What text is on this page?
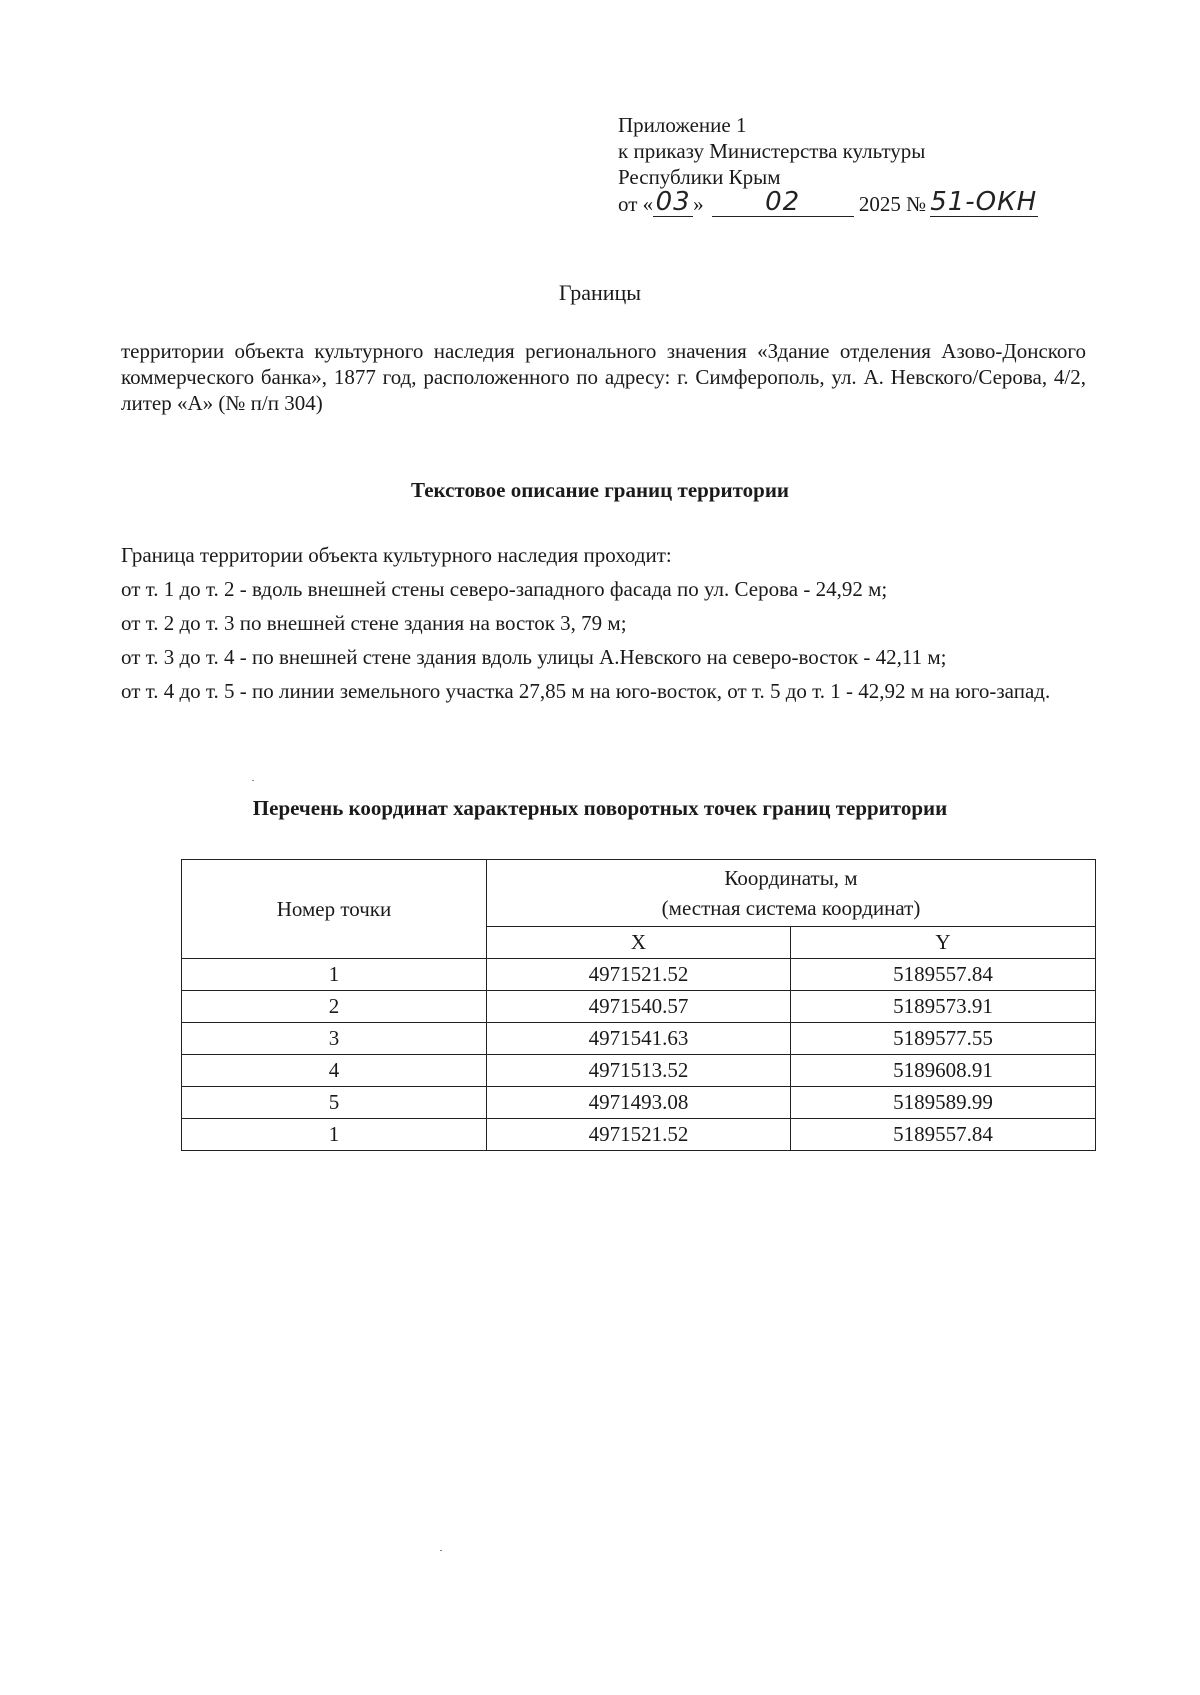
Приложение 1
к приказу Министерства культуры
Республики Крым
от «03 » 02	2025 № 51-ОКН
Границы
территории объекта культурного наследия регионального значения «Здание отделения Азово-Донского коммерческого банка», 1877 год, расположенного по адресу: г. Симферополь, ул. А. Невского/Серова, 4/2, литер «А» (№ п/п 304)
Текстовое описание границ территории
Граница территории объекта культурного наследия проходит:
от т. 1 до т. 2 - вдоль внешней стены северо-западного фасада по ул. Серова - 24,92 м;
от т. 2 до т. 3 по внешней стене здания на восток 3, 79 м;
от т. 3 до т. 4 - по внешней стене здания вдоль улицы А.Невского на северо-восток - 42,11 м;
от т. 4 до т. 5 - по линии земельного участка 27,85 м на юго-восток, от т. 5 до т. 1 - 42,92 м на юго-запад.
Перечень координат характерных поворотных точек границ территории
Номер точки	Координаты, м
(местная система координат)	

	X	Y
1	4971521.52	5189557.84
2	4971540.57	5189573.91
3	4971541.63	5189577.55
4	4971513.52	5189608.91
5	4971493.08	5189589.99
1	4971521.52	5189557.84
